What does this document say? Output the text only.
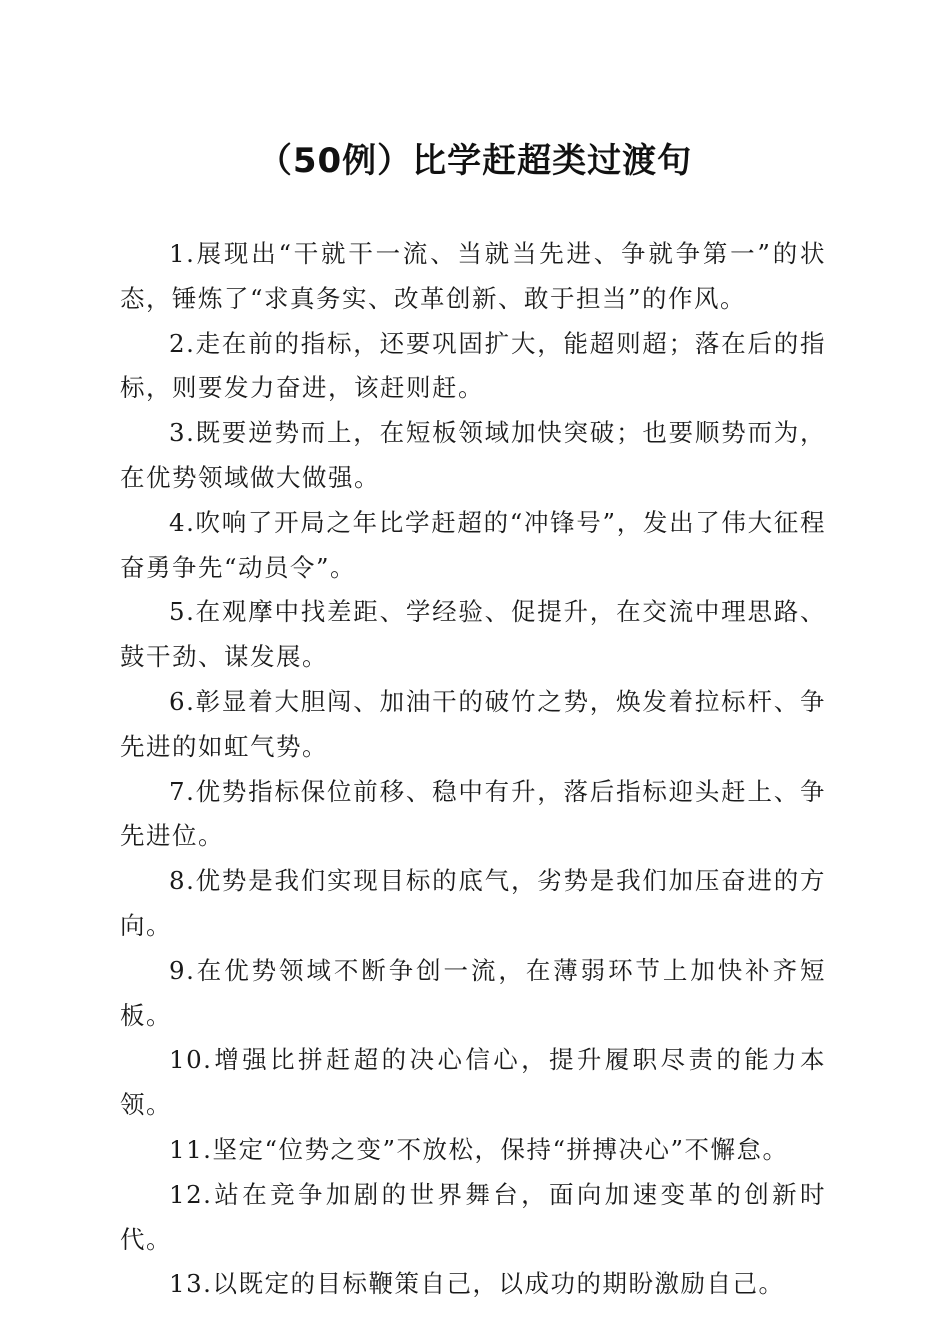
（50例）比学赶超类过渡句

1.展现出“干就干一流、当就当先进、争就争第一”的状态，锤炼了“求真务实、改革创新、敢于担当”的作风。

2.走在前的指标，还要巩固扩大，能超则超；落在后的指标，则要发力奋进，该赶则赶。

3.既要逆势而上，在短板领域加快突破；也要顺势而为，在优势领域做大做强。

4.吹响了开局之年比学赶超的“冲锋号”，发出了伟大征程奋勇争先“动员令”。

5.在观摩中找差距、学经验、促提升，在交流中理思路、鼓干劲、谋发展。

6.彰显着大胆闯、加油干的破竹之势，焕发着拉标杆、争先进的如虹气势。

7.优势指标保位前移、稳中有升，落后指标迎头赶上、争先进位。

8.优势是我们实现目标的底气，劣势是我们加压奋进的方向。

9.在优势领域不断争创一流，在薄弱环节上加快补齐短板。

10.增强比拼赶超的决心信心，提升履职尽责的能力本领。

11.坚定“位势之变”不放松，保持“拼搏决心”不懈怠。

12.站在竞争加剧的世界舞台，面向加速变革的创新时代。

13.以既定的目标鞭策自己，以成功的期盼激励自己。
